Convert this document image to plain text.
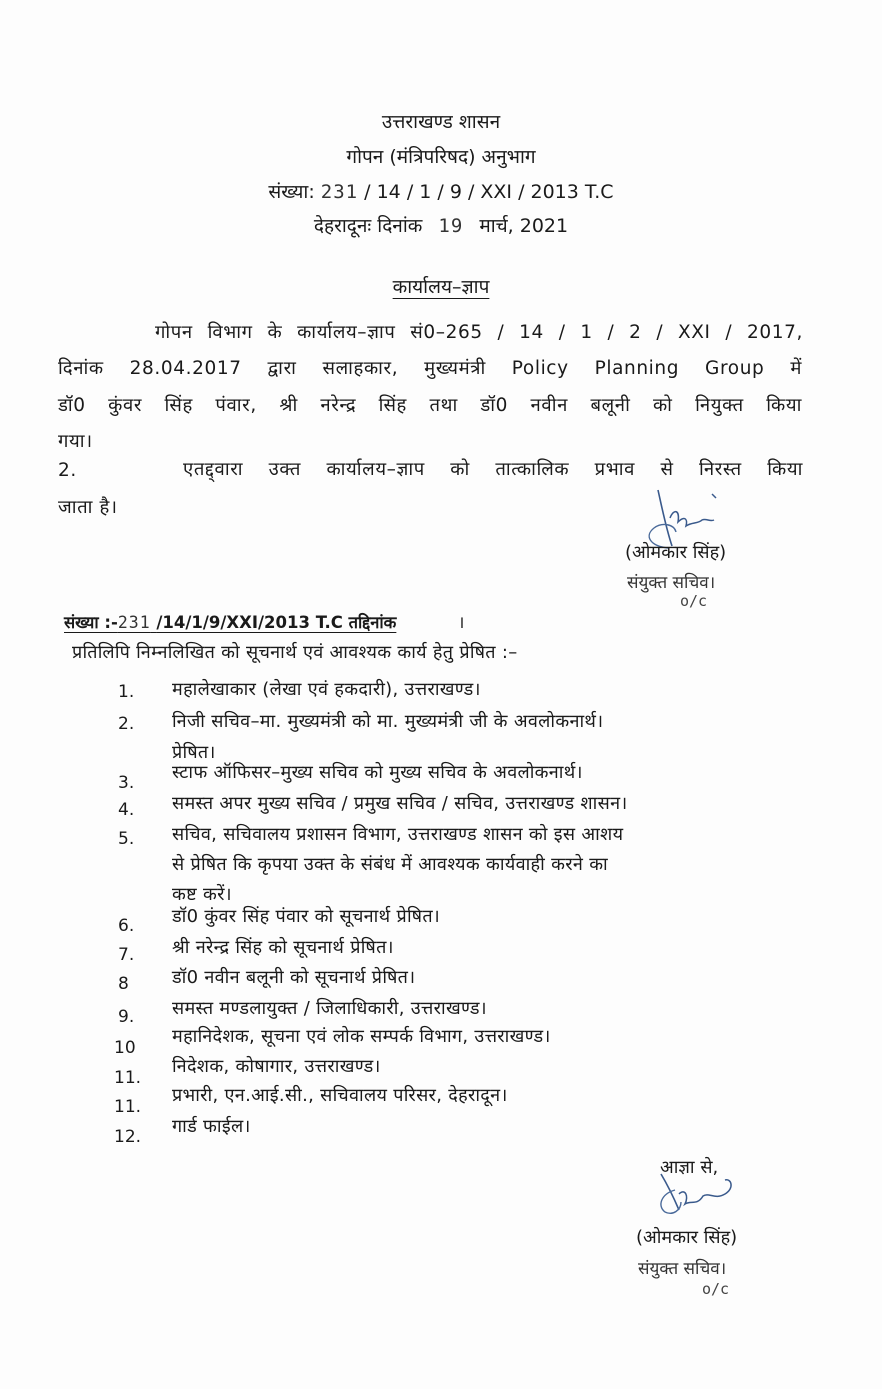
उत्तराखण्ड शासन
गोपन (मंत्रिपरिषद) अनुभाग
संख्या: 231 / 14 / 1 / 9 / XXI / 2013 T.C
देहरादूनः दिनांक 19 मार्च, 2021
कार्यालय–ज्ञाप
गोपन विभाग के कार्यालय–ज्ञाप सं0–265 / 14 / 1 / 2 / XXI / 2017,
दिनांक 28.04.2017 द्वारा सलाहकार, मुख्यमंत्री Policy Planning Group में
डॉ0 कुंवर सिंह पंवार, श्री नरेन्द्र सिंह तथा डॉ0 नवीन बलूनी को नियुक्त किया
गया।
2.	एतद्द्वारा उक्त कार्यालय–ज्ञाप को तात्कालिक प्रभाव से निरस्त किया
जाता है।
(ओमकार सिंह)
संयुक्त सचिव।
o/c
संख्या :-231 /14/1/9/XXI/2013 T.C तद्दिनांक	।
प्रतिलिपि निम्नलिखित को सूचनार्थ एवं आवश्यक कार्य हेतु प्रेषित :–
1.	महालेखाकार (लेखा एवं हकदारी), उत्तराखण्ड।
2.	निजी सचिव–मा. मुख्यमंत्री को मा. मुख्यमंत्री जी के अवलोकनार्थ।
प्रेषित।
3.	स्टाफ ऑफिसर–मुख्य सचिव को मुख्य सचिव के अवलोकनार्थ।
4.	समस्त अपर मुख्य सचिव / प्रमुख सचिव / सचिव, उत्तराखण्ड शासन।
5.	सचिव, सचिवालय प्रशासन विभाग, उत्तराखण्ड शासन को इस आशय
से प्रेषित कि कृपया उक्त के संबंध में आवश्यक कार्यवाही करने का
कष्ट करें।
6.	डॉ0 कुंवर सिंह पंवार को सूचनार्थ प्रेषित।
7.	श्री नरेन्द्र सिंह को सूचनार्थ प्रेषित।
8	डॉ0 नवीन बलूनी को सूचनार्थ प्रेषित।
9.	समस्त मण्डलायुक्त / जिलाधिकारी, उत्तराखण्ड।
10
महानिदेशक, सूचना एवं लोक सम्पर्क विभाग, उत्तराखण्ड।
11.
निदेशक, कोषागार, उत्तराखण्ड।
11.
प्रभारी, एन.आई.सी., सचिवालय परिसर, देहरादून।
12.	गार्ड फाईल।
आज्ञा से,
(ओमकार सिंह)
संयुक्त सचिव।
o/c
